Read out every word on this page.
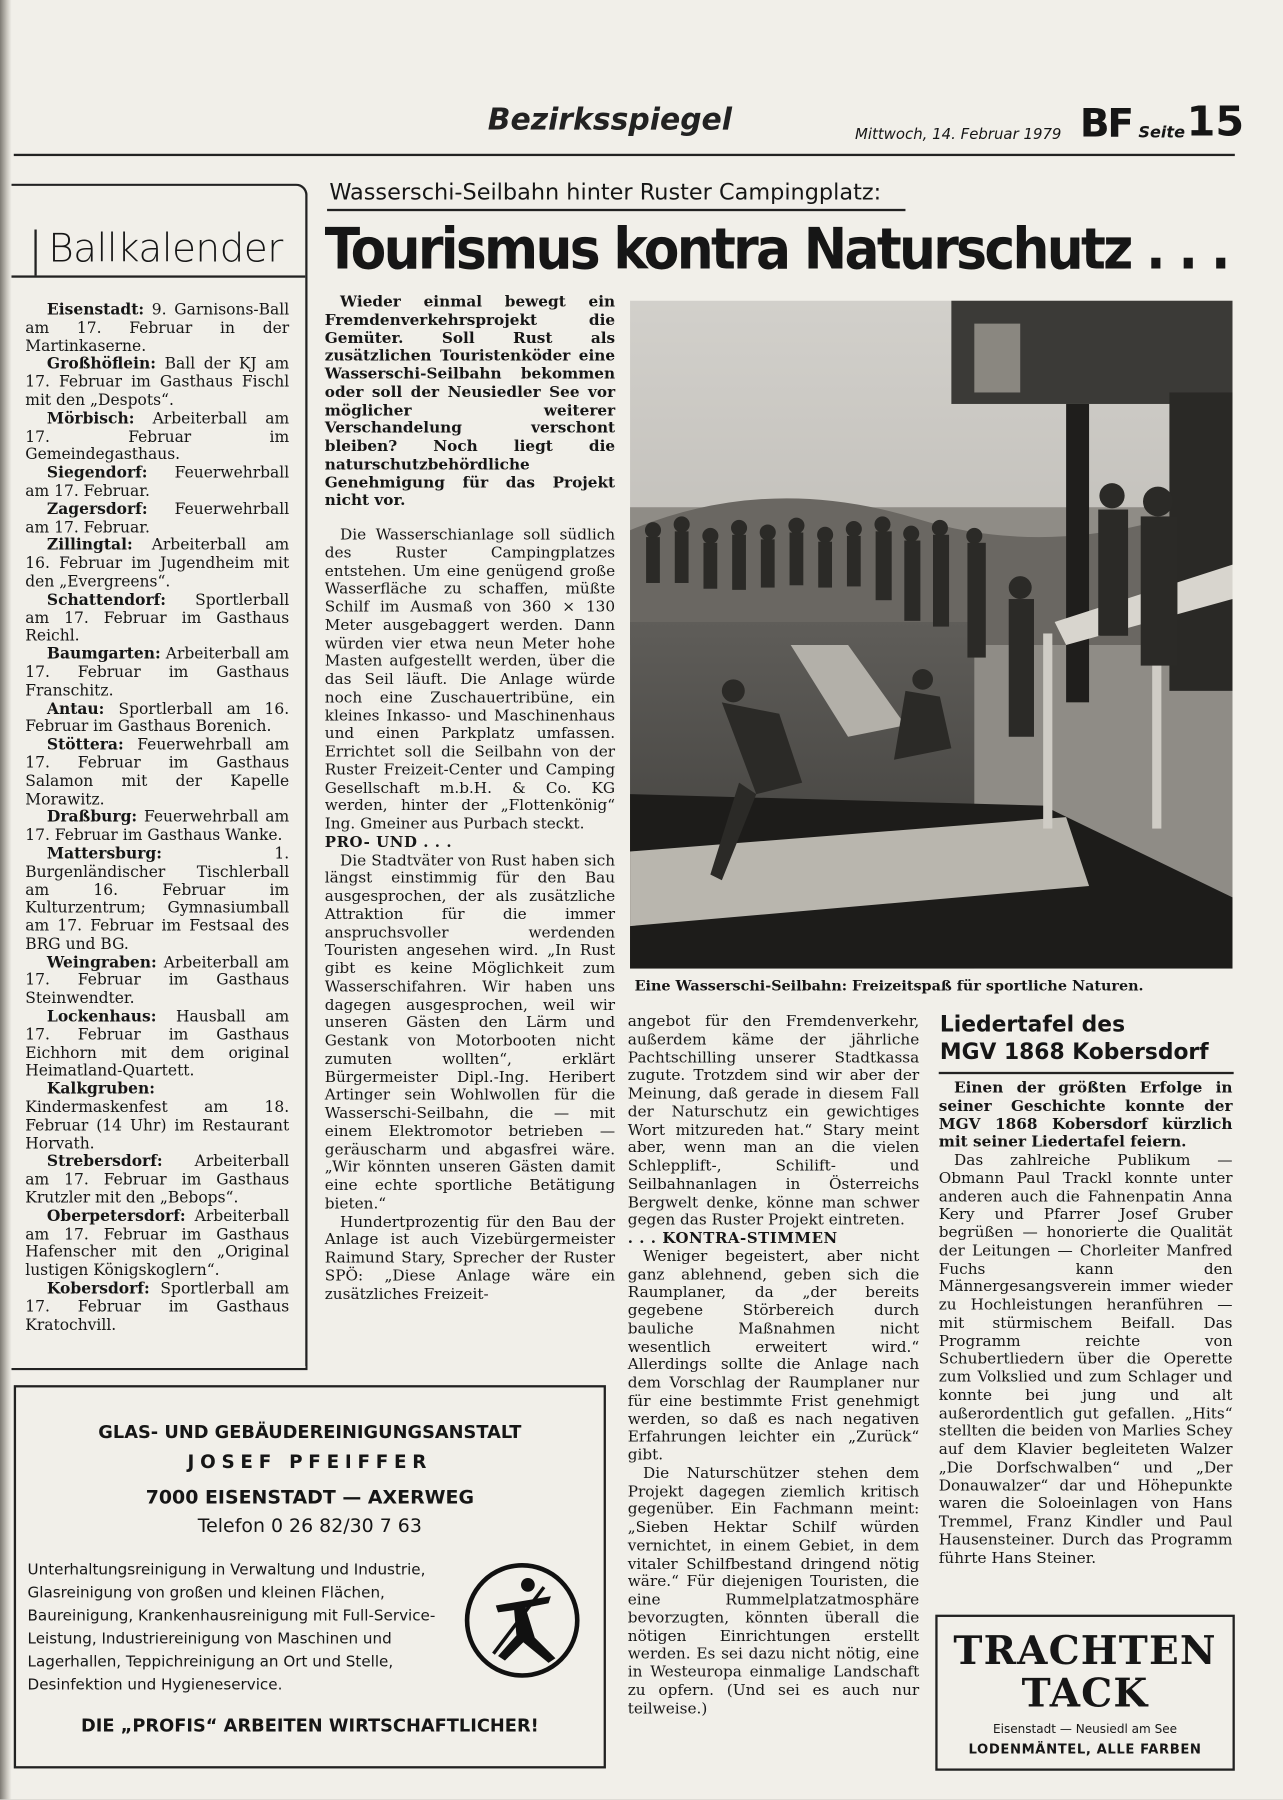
Bezirksspiegel	Mittwoch, 14. Februar 1979 BF Seite 15
Ballkalender

Eisenstadt: 9. Garnisons-Ball am 17. Februar in der Martinkaserne.

Großhöflein: Ball der KJ am 17. Februar im Gasthaus Fischl mit den „Despots“.

Mörbisch: Arbeiterball am 17. Februar im Gemeindegasthaus.

Siegendorf: Feuerwehrball am 17. Februar.

Zagersdorf: Feuerwehrball am 17. Februar.

Zillingtal: Arbeiterball am 16. Februar im Jugendheim mit den „Evergreens“.

Schattendorf: Sportlerball am 17. Februar im Gasthaus Reichl.

Baumgarten: Arbeiterball am 17. Februar im Gasthaus Franschitz.

Antau: Sportlerball am 16. Februar im Gasthaus Borenich.

Stöttera: Feuerwehrball am 17. Februar im Gasthaus Salamon mit der Kapelle Morawitz.

Draßburg: Feuerwehrball am 17. Februar im Gasthaus Wanke.

Mattersburg:	1. Burgenländischer Tischlerball am 16. Februar im Kulturzentrum; Gymnasiumball am 17. Februar im Festsaal des BRG und BG.

Weingraben: Arbeiterball am 17. Februar im Gasthaus Steinwendter.

Lockenhaus: Hausball am 17. Februar im Gasthaus Eichhorn mit dem original Heimatland-Quartett.

Kalkgruben: Kindermaskenfest am 18. Februar (14 Uhr) im Restaurant Horvath.

Strebersdorf: Arbeiterball am 17. Februar im Gasthaus Krutzler mit den „Bebops“.

Oberpetersdorf: Arbeiterball am 17. Februar im Gasthaus Hafenscher mit den „Original lustigen Königskoglern“.

Kobersdorf: Sportlerball am 17. Februar im Gasthaus Kratochvill.

Wasserschi-Seilbahn hinter Ruster Campingplatz:
Tourismus kontra Naturschutz . . .

Wieder einmal bewegt ein Fremdenverkehrsprojekt die Gemüter. Soll Rust als zusätzlichen Touristenköder eine Wasserschi-Seilbahn bekommen oder soll der Neusiedler See vor möglicher weiterer Verschandelung verschont bleiben? Noch liegt die naturschutzbehördliche Genehmigung für das Projekt nicht vor.

Die Wasserschianlage soll südlich des Ruster Campingplatzes entstehen. Um eine genügend große Wasserfläche zu schaffen, müßte Schilf im Ausmaß von 360 × 130 Meter ausgebaggert werden. Dann würden vier etwa neun Meter hohe Masten aufgestellt werden, über die das Seil läuft. Die Anlage würde noch eine Zuschauertribüne, ein kleines Inkasso- und Maschinenhaus und einen Parkplatz umfassen. Errichtet soll die Seilbahn von der Ruster Freizeit-Center und Camping Gesellschaft m.b.H. & Co. KG werden, hinter der „Flottenkönig“ Ing. Gmeiner aus Purbach steckt.

PRO- UND . . .

Die Stadtväter von Rust haben sich längst einstimmig für den Bau ausgesprochen, der als zusätzliche Attraktion für die immer anspruchsvoller werdenden Touristen angesehen wird. „In Rust gibt es keine Möglichkeit zum Wasserschifahren. Wir haben uns dagegen ausgesprochen, weil wir unseren Gästen den Lärm und Gestank von Motorbooten nicht zumuten wollten“, erklärt Bürgermeister Dipl.-Ing. Heribert Artinger sein Wohlwollen für die Wasserschi-Seilbahn, die — mit einem Elektromotor betrieben — geräuscharm und abgasfrei wäre. „Wir könnten unseren Gästen damit eine echte sportliche Betätigung bieten.“

Hundertprozentig für den Bau der Anlage ist auch Vizebürgermeister Raimund Stary, Sprecher der Ruster SPÖ: „Diese Anlage wäre ein zusätzliches Freizeit-

Eine Wasserschi-Seilbahn: Freizeitspaß für sportliche Naturen.

angebot für den Fremdenverkehr, außerdem käme der jährliche Pachtschilling unserer Stadtkassa zugute. Trotzdem sind wir aber der Meinung, daß gerade in diesem Fall der Naturschutz ein gewichtiges Wort mitzureden hat.“ Stary meint aber, wenn man an die vielen Schlepplift-, Schilift- und Seilbahnanlagen in Österreichs Bergwelt denke, könne man schwer gegen das Ruster Projekt eintreten.

. . . KONTRA-STIMMEN

Weniger begeistert, aber nicht ganz ablehnend, geben sich die Raumplaner, da „der bereits gegebene Störbereich durch bauliche Maßnahmen nicht wesentlich erweitert wird.“ Allerdings sollte die Anlage nach dem Vorschlag der Raumplaner nur für eine bestimmte Frist genehmigt werden, so daß es nach negativen Erfahrungen leichter ein „Zurück“ gibt.

Die Naturschützer stehen dem Projekt dagegen ziemlich kritisch gegenüber. Ein Fachmann meint: „Sieben Hektar Schilf würden vernichtet, in einem Gebiet, in dem vitaler Schilfbestand dringend nötig wäre.“ Für diejenigen Touristen, die eine Rummelplatzatmosphäre bevorzugten, könnten überall die nötigen Einrichtungen erstellt werden. Es sei dazu nicht nötig, eine in Westeuropa einmalige Landschaft zu opfern. (Und sei es auch nur teilweise.)

Liedertafel des
MGV 1868 Kobersdorf

Einen der größten Erfolge in seiner Geschichte konnte der MGV 1868 Kobersdorf kürzlich mit seiner Liedertafel feiern.

Das zahlreiche Publikum — Obmann Paul Trackl konnte unter anderen auch die Fahnenpatin Anna Kery und Pfarrer Josef Gruber begrüßen — honorierte die Qualität der Leitungen — Chorleiter Manfred Fuchs kann den Männergesangsverein immer wieder zu Hochleistungen heranführen — mit stürmischem Beifall. Das Programm reichte von Schubertliedern über die Operette zum Volkslied und zum Schlager und konnte bei jung und alt außerordentlich gut gefallen. „Hits“ stellten die beiden von Marlies Schey auf dem Klavier begleiteten Walzer „Die Dorfschwalben“ und „Der Donauwalzer“ dar und Höhepunkte waren die Soloeinlagen von Hans Tremmel, Franz Kindler und Paul Hausensteiner. Durch das Programm führte Hans Steiner.

GLAS- UND GEBÄUDEREINIGUNGSANSTALT
JOSEF PFEIFFER
7000 EISENSTADT — AXERWEG
Telefon 0 26 82/30 7 63
Unterhaltungsreinigung in Verwaltung und Industrie, Glasreinigung von großen und kleinen Flächen, Baureinigung, Krankenhausreinigung mit Full-Service-Leistung, Industriereinigung von Maschinen und Lagerhallen, Teppichreinigung an Ort und Stelle, Desinfektion und Hygieneservice.
DIE „PROFIS“ ARBEITEN WIRTSCHAFTLICHER!
TRACHTEN
TACK
Eisenstadt — Neusiedl am See
LODENMÄNTEL, ALLE FARBEN
